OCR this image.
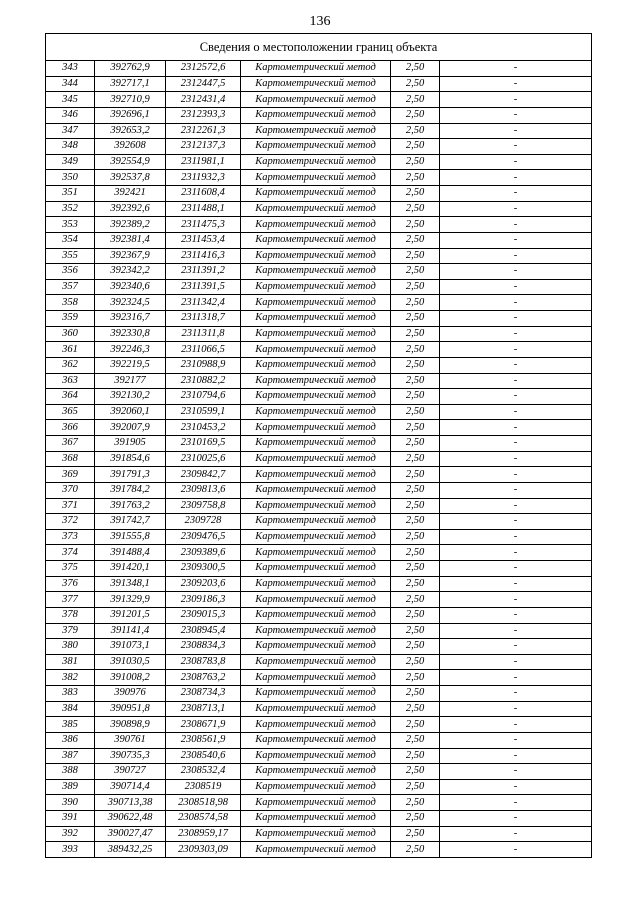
136
Сведения о местоположении границ объекта					
343	392762,9	2312572,6	Картометрический метод	2,50	-
344	392717,1	2312447,5	Картометрический метод	2,50	-
345	392710,9	2312431,4	Картометрический метод	2,50	-
346	392696,1	2312393,3	Картометрический метод	2,50	-
347	392653,2	2312261,3	Картометрический метод	2,50	-
348	392608	2312137,3	Картометрический метод	2,50	-
349	392554,9	2311981,1	Картометрический метод	2,50	-
350	392537,8	2311932,3	Картометрический метод	2,50	-
351	392421	2311608,4	Картометрический метод	2,50	-
352	392392,6	2311488,1	Картометрический метод	2,50	-
353	392389,2	2311475,3	Картометрический метод	2,50	-
354	392381,4	2311453,4	Картометрический метод	2,50	-
355	392367,9	2311416,3	Картометрический метод	2,50	-
356	392342,2	2311391,2	Картометрический метод	2,50	-
357	392340,6	2311391,5	Картометрический метод	2,50	-
358	392324,5	2311342,4	Картометрический метод	2,50	-
359	392316,7	2311318,7	Картометрический метод	2,50	-
360	392330,8	2311311,8	Картометрический метод	2,50	-
361	392246,3	2311066,5	Картометрический метод	2,50	-
362	392219,5	2310988,9	Картометрический метод	2,50	-
363	392177	2310882,2	Картометрический метод	2,50	-
364	392130,2	2310794,6	Картометрический метод	2,50	-
365	392060,1	2310599,1	Картометрический метод	2,50	-
366	392007,9	2310453,2	Картометрический метод	2,50	-
367	391905	2310169,5	Картометрический метод	2,50	-
368	391854,6	2310025,6	Картометрический метод	2,50	-
369	391791,3	2309842,7	Картометрический метод	2,50	-
370	391784,2	2309813,6	Картометрический метод	2,50	-
371	391763,2	2309758,8	Картометрический метод	2,50	-
372	391742,7	2309728	Картометрический метод	2,50	-
373	391555,8	2309476,5	Картометрический метод	2,50	-
374	391488,4	2309389,6	Картометрический метод	2,50	-
375	391420,1	2309300,5	Картометрический метод	2,50	-
376	391348,1	2309203,6	Картометрический метод	2,50	-
377	391329,9	2309186,3	Картометрический метод	2,50	-
378	391201,5	2309015,3	Картометрический метод	2,50	-
379	391141,4	2308945,4	Картометрический метод	2,50	-
380	391073,1	2308834,3	Картометрический метод	2,50	-
381	391030,5	2308783,8	Картометрический метод	2,50	-
382	391008,2	2308763,2	Картометрический метод	2,50	-
383	390976	2308734,3	Картометрический метод	2,50	-
384	390951,8	2308713,1	Картометрический метод	2,50	-
385	390898,9	2308671,9	Картометрический метод	2,50	-
386	390761	2308561,9	Картометрический метод	2,50	-
387	390735,3	2308540,6	Картометрический метод	2,50	-
388	390727	2308532,4	Картометрический метод	2,50	-
389	390714,4	2308519	Картометрический метод	2,50	-
390	390713,38	2308518,98	Картометрический метод	2,50	-
391	390622,48	2308574,58	Картометрический метод	2,50	-
392	390027,47	2308959,17	Картометрический метод	2,50	-
393	389432,25	2309303,09	Картометрический метод	2,50	-
